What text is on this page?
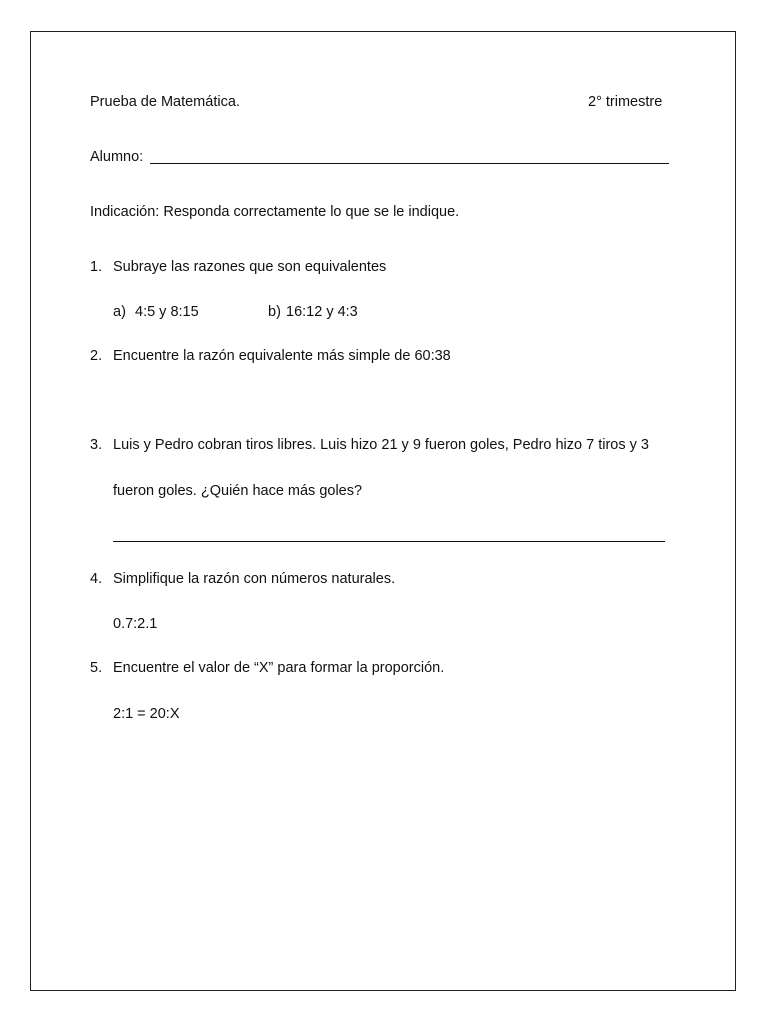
Prueba de Matemática.	2° trimestre
Alumno:
Indicación: Responda correctamente lo que se le indique.
1. Subraye las razones que son equivalentes
a) 4:5 y 8:15	b) 16:12 y 4:3
2. Encuentre la razón equivalente más simple de 60:38
3. Luis y Pedro cobran tiros libres. Luis hizo 21 y 9 fueron goles, Pedro hizo 7 tiros y 3
fueron goles. ¿Quién hace más goles?
4. Simplifique la razón con números naturales.
0.7:2.1
5. Encuentre el valor de “X” para formar la proporción.
2:1 = 20:X
